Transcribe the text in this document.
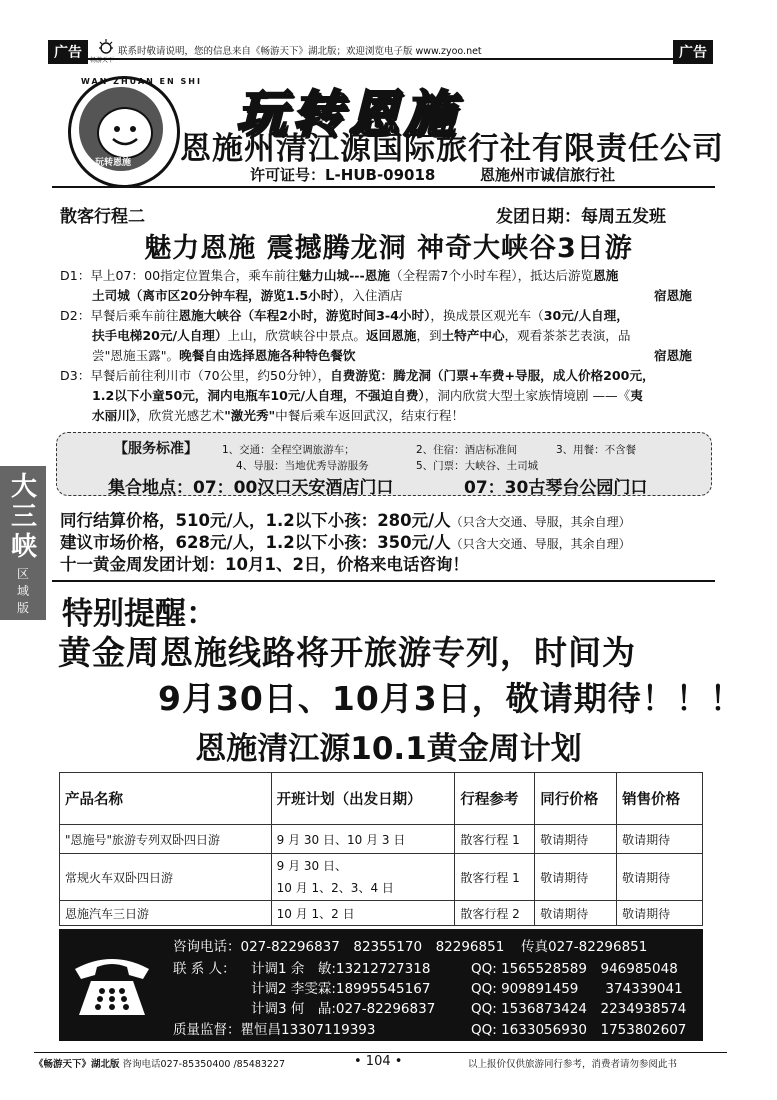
广告	广告
畅游天下
联系时敬请说明，您的信息来自《畅游天下》湖北版；欢迎浏览电子版 www.zyoo.net
WAN ZHUAN EN SHI
玩转恩施
玩转恩施
恩施州清江源国际旅行社有限责任公司
许可证号：L-HUB-09018	恩施州市诚信旅行社
散客行程二	发团日期：每周五发班
魅力恩施 震撼腾龙洞 神奇大峡谷3日游
D1：早上07：00指定位置集合，乘车前往魅力山城---恩施（全程需7个小时车程），抵达后游览恩施
土司城（离市区20分钟车程，游览1.5小时），入住酒店	宿恩施
D2：早餐后乘车前往恩施大峡谷（车程2小时，游览时间3-4小时），换成景区观光车（30元/人自理，
扶手电梯20元/人自理）上山，欣赏峡谷中景点。返回恩施，到土特产中心，观看茶茶艺表演，品
尝"恩施玉露"。晚餐自由选择恩施各种特色餐饮	宿恩施
D3：早餐后前往利川市（70公里，约50分钟），自费游览：腾龙洞（门票+车费+导服，成人价格200元，
1.2以下小童50元，洞内电瓶车10元/人自理，不强迫自费），洞内欣赏大型土家族情境剧 ——《夷
水丽川》，欣赏光感艺术"激光秀"中餐后乘车返回武汉，结束行程！
【服务标准】 1、交通：全程空调旅游车；	2、住宿：酒店标准间	3、用餐：不含餐
4、导服：当地优秀导游服务	5、门票：大峡谷、土司城
集合地点：07：00汉口天安酒店门口	07：30古琴台公园门口
大
三
峡
区
域
版
同行结算价格，510元/人，1.2以下小孩：280元/人（只含大交通、导服，其余自理）
建议市场价格，628元/人，1.2以下小孩：350元/人（只含大交通、导服，其余自理）
十一黄金周发团计划：10月1、2日，价格来电话咨询！
特别提醒：
黄金周恩施线路将开旅游专列，时间为
9月30日、10月3日，敬请期待！！！
恩施清江源10.1黄金周计划
产品名称	开班计划（出发日期）	行程参考	同行价格	销售价格
"恩施号"旅游专列双卧四日游	9 月 30 日、10 月 3 日	散客行程 1	敬请期待	敬请期待
常规火车双卧四日游	9 月 30 日、
10 月 1、2、3、4 日	散客行程 1	敬请期待	敬请期待
恩施汽车三日游	10 月 1、2 日	散客行程 2	敬请期待	敬请期待
咨询电话：027-82296837　82355170　82296851 传真027-82296851
联 系 人： 计调1 余　敏:13212727318	QQ: 1565528589　946985048
计调2 李雯霖:18995545167	QQ: 909891459　　374339041
计调3 何　晶:027-82296837	QQ: 1536873424　2234938574
质量监督：瞿恒昌13307119393	QQ: 1633056930　1753802607
《畅游天下》湖北版 咨询电话027-85350400 /85483227	• 104 •	以上报价仅供旅游同行参考，消费者请勿参阅此书
